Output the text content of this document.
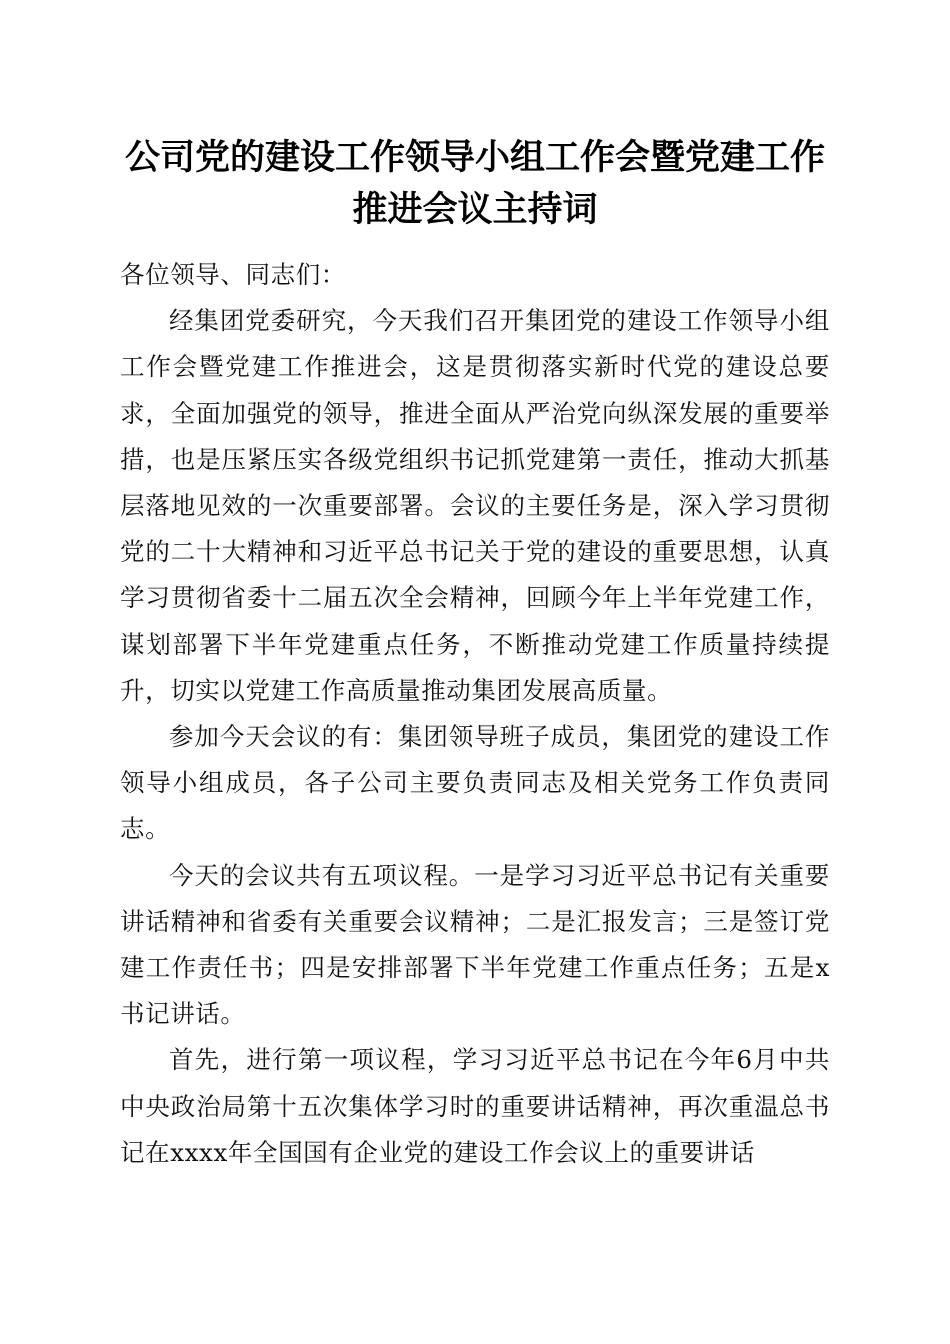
公司党的建设工作领导小组工作会暨党建工作
推进会议主持词

各位领导、同志们：

经集团党委研究，今天我们召开集团党的建设工作领导小组工作会暨党建工作推进会，这是贯彻落实新时代党的建设总要求，全面加强党的领导，推进全面从严治党向纵深发展的重要举措，也是压紧压实各级党组织书记抓党建第一责任，推动大抓基层落地见效的一次重要部署。会议的主要任务是，深入学习贯彻党的二十大精神和习近平总书记关于党的建设的重要思想，认真学习贯彻省委十二届五次全会精神，回顾今年上半年党建工作，谋划部署下半年党建重点任务，不断推动党建工作质量持续提升，切实以党建工作高质量推动集团发展高质量。

参加今天会议的有：集团领导班子成员，集团党的建设工作领导小组成员，各子公司主要负责同志及相关党务工作负责同志。

今天的会议共有五项议程。一是学习习近平总书记有关重要讲话精神和省委有关重要会议精神；二是汇报发言；三是签订党建工作责任书；四是安排部署下半年党建工作重点任务；五是x书记讲话。

首先，进行第一项议程，学习习近平总书记在今年6月中共中央政治局第十五次集体学习时的重要讲话精神，再次重温总书记在xxxx年全国国有企业党的建设工作会议上的重要讲话
